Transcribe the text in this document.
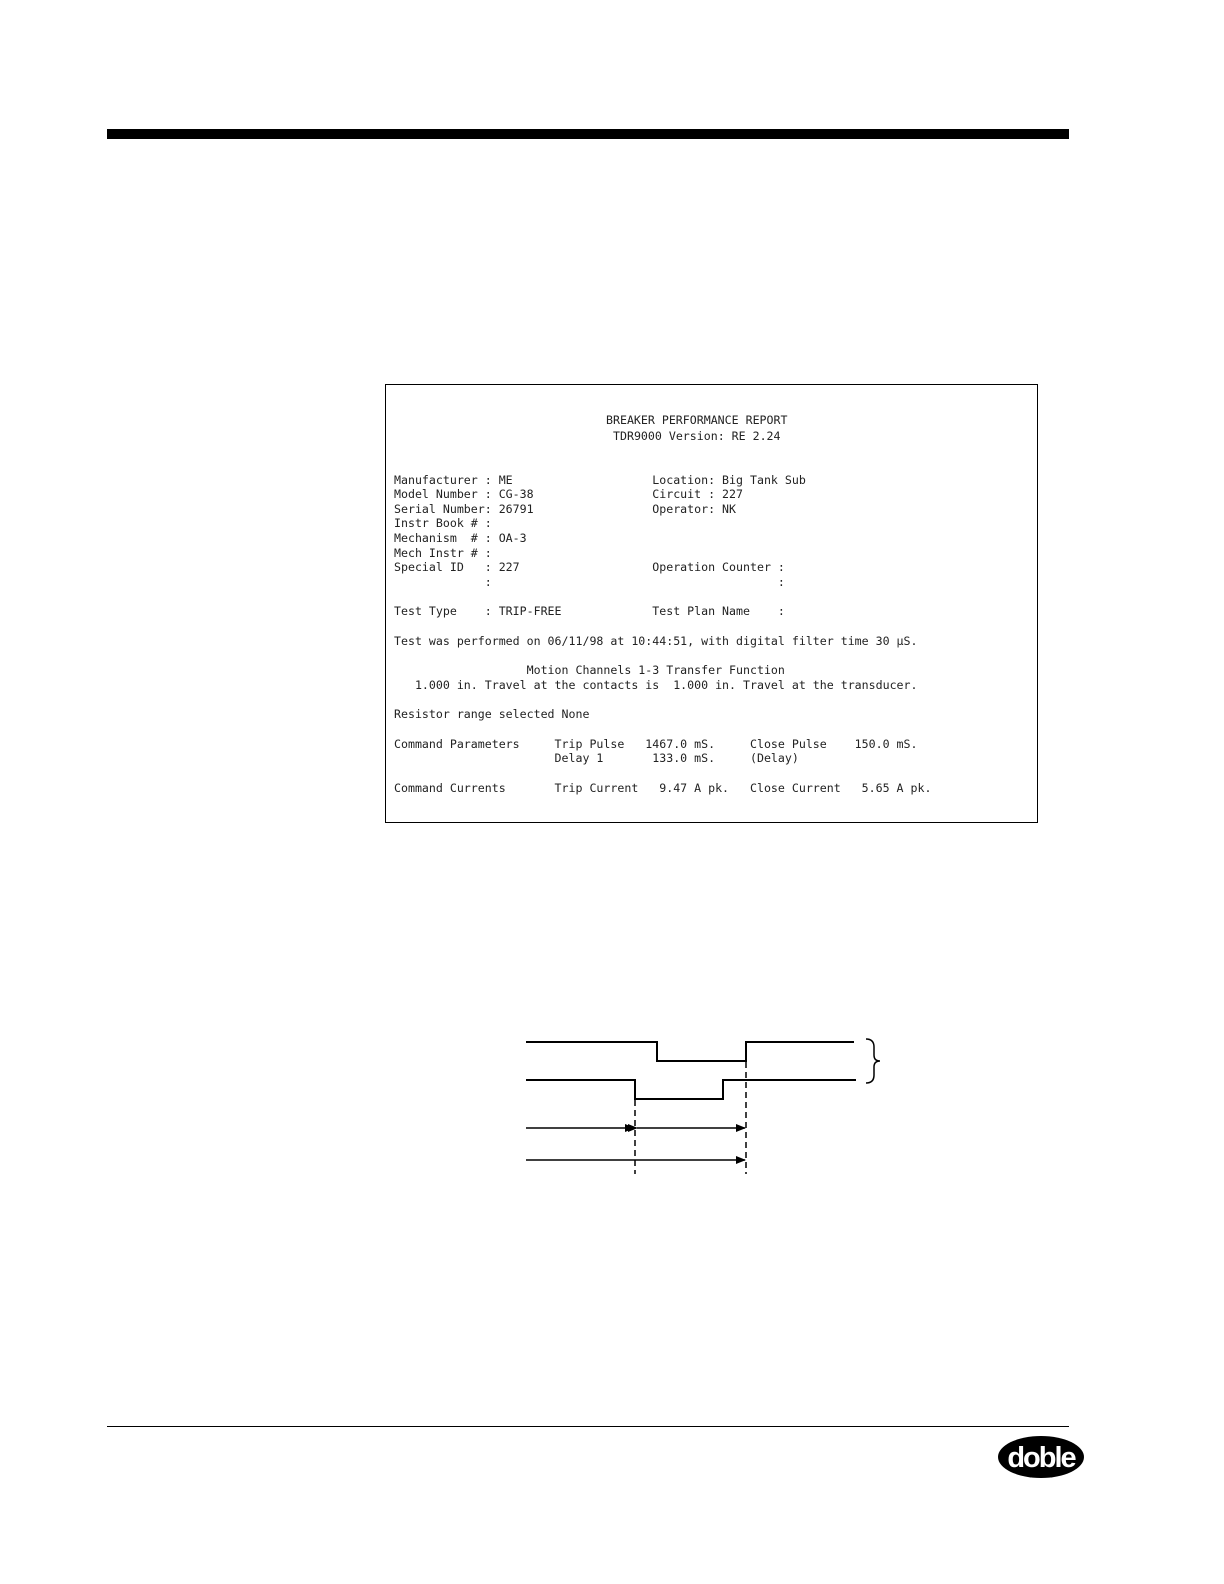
BREAKER PERFORMANCE REPORT
TDR9000 Version: RE 2.24
Manufacturer : ME                    Location: Big Tank Sub
Model Number : CG-38                 Circuit : 227
Serial Number: 26791                 Operator: NK
Instr Book # :
Mechanism  # : OA-3
Mech Instr # :
Special ID   : 227                   Operation Counter :
:                                         :
Test Type    : TRIP-FREE             Test Plan Name    :
Test was performed on 06/11/98 at 10:44:51, with digital filter time 30 µS.
Motion Channels 1-3 Transfer Function
1.000 in. Travel at the contacts is  1.000 in. Travel at the transducer.
Resistor range selected None
Command Parameters     Trip Pulse   1467.0 mS.     Close Pulse    150.0 mS.
Delay 1       133.0 mS.     (Delay)
Command Currents       Trip Current   9.47 A pk.   Close Current   5.65 A pk.
doble
